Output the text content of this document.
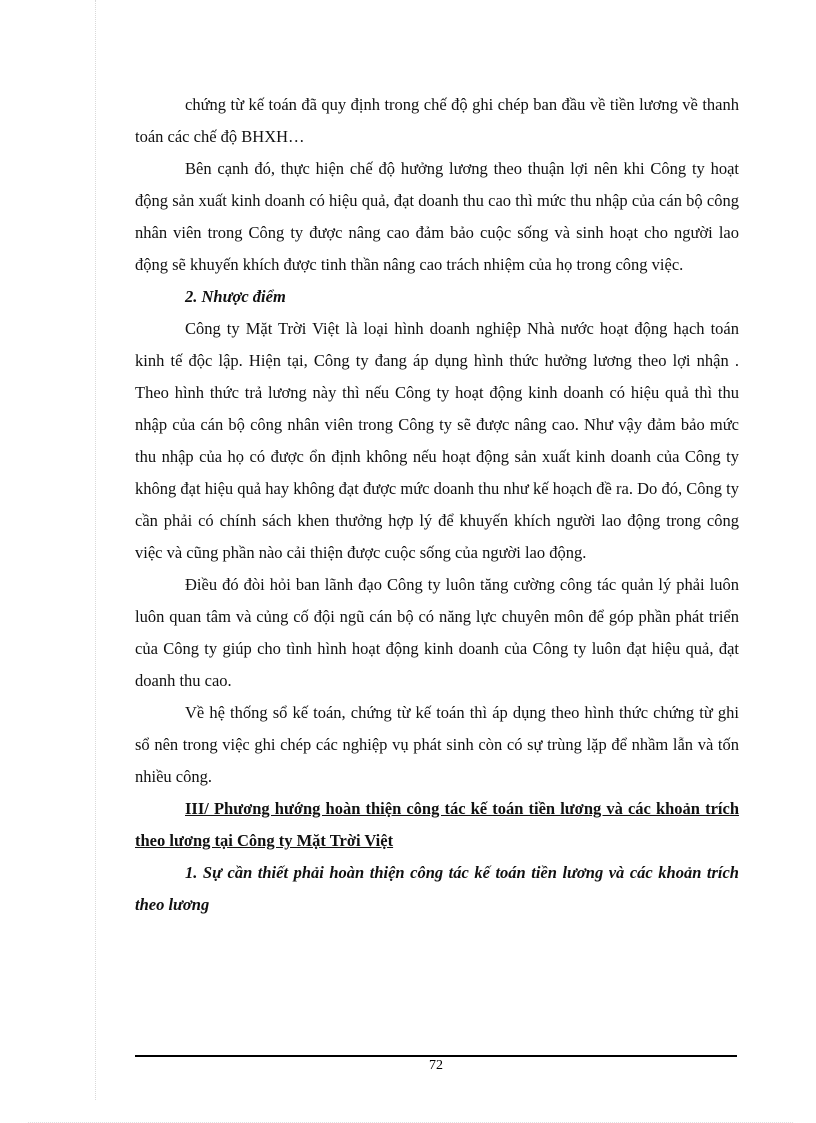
chứng từ kế toán đã quy định trong chế độ ghi chép ban đầu về tiền lương về thanh toán các chế độ BHXH…

Bên cạnh đó, thực hiện chế độ hưởng lương theo thuận lợi nên khi Công ty hoạt động sản xuất kinh doanh có hiệu quả, đạt doanh thu cao thì mức thu nhập của cán bộ công nhân viên trong Công ty được nâng cao đảm bảo cuộc sống và sinh hoạt cho người lao động sẽ khuyến khích được tinh thần nâng cao trách nhiệm của họ trong công việc.

2. Nhược điểm

Công ty Mặt Trời Việt là loại hình doanh nghiệp Nhà nước hoạt động hạch toán kinh tế độc lập. Hiện tại, Công ty đang áp dụng hình thức hưởng lương theo lợi nhận . Theo hình thức trả lương này thì nếu Công ty hoạt động kinh doanh có hiệu quả thì thu nhập của cán bộ công nhân viên trong Công ty sẽ được nâng cao. Như vậy đảm bảo mức thu nhập của họ có được ổn định không nếu hoạt động sản xuất kinh doanh của Công ty không đạt hiệu quả hay không đạt được mức doanh thu như kế hoạch đề ra. Do đó, Công ty cần phải có chính sách khen thưởng hợp lý để khuyến khích người lao động trong công việc và cũng phần nào cải thiện được cuộc sống của người lao động.

Điều đó đòi hỏi ban lãnh đạo Công ty luôn tăng cường công tác quản lý phải luôn luôn quan tâm và củng cố đội ngũ cán bộ có năng lực chuyên môn để góp phần phát triển của Công ty giúp cho tình hình hoạt động kinh doanh của Công ty luôn đạt hiệu quả, đạt doanh thu cao.

Về hệ thống sổ kế toán, chứng từ kế toán thì áp dụng theo hình thức chứng từ ghi sổ nên trong việc ghi chép các nghiệp vụ phát sinh còn có sự trùng lặp để nhầm lẫn và tốn nhiều công.

III/ Phương hướng hoàn thiện công tác kế toán tiền lương và các khoản trích theo lương tại Công ty Mặt Trời Việt

1. Sự cần thiết phải hoàn thiện công tác kế toán tiền lương và các khoản trích theo lương

72
